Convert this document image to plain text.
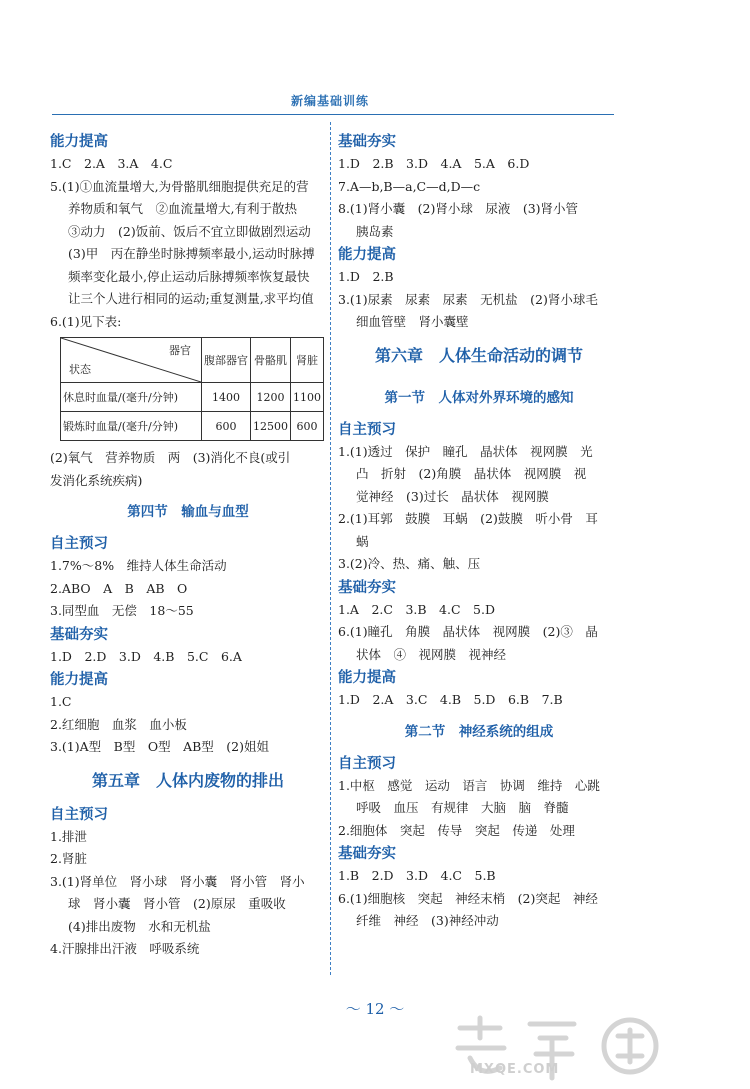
新编基础训练
能力提高
1.C　2.A　3.A　4.C
5.(1)①血流量增大,为骨骼肌细胞提供充足的营
养物质和氧气　②血流量增大,有利于散热
③动力　(2)饭前、饭后不宜立即做剧烈运动
(3)甲　丙在静坐时脉搏频率最小,运动时脉搏
频率变化最小,停止运动后脉搏频率恢复最快
让三个人进行相同的运动;重复测量,求平均值
6.(1)见下表:
器官
状态	腹部器官	骨骼肌	肾脏
休息时血量/(毫升/分钟)	1400	1200	1100
锻炼时血量/(毫升/分钟)	600	12500	600
(2)氧气　营养物质　两　(3)消化不良(或引
发消化系统疾病)
第四节　输血与血型
自主预习
1.7%～8%　维持人体生命活动
2.ABO　A　B　AB　O
3.同型血　无偿　18～55
基础夯实
1.D　2.D　3.D　4.B　5.C　6.A
能力提高
1.C
2.红细胞　血浆　血小板
3.(1)A型　B型　O型　AB型　(2)姐姐
第五章　人体内废物的排出
自主预习
1.排泄
2.肾脏
3.(1)肾单位　肾小球　肾小囊　肾小管　肾小
球　肾小囊　肾小管　(2)原尿　重吸收
(4)排出废物　水和无机盐
4.汗腺排出汗液　呼吸系统
基础夯实
1.D　2.B　3.D　4.A　5.A　6.D
7.A—b,B—a,C—d,D—c
8.(1)肾小囊　(2)肾小球　尿液　(3)肾小管
胰岛素
能力提高
1.D　2.B
3.(1)尿素　尿素　尿素　无机盐　(2)肾小球毛
细血管壁　肾小囊壁
第六章　人体生命活动的调节
第一节　人体对外界环境的感知
自主预习
1.(1)透过　保护　瞳孔　晶状体　视网膜　光
凸　折射　(2)角膜　晶状体　视网膜　视
觉神经　(3)过长　晶状体　视网膜
2.(1)耳郭　鼓膜　耳蜗　(2)鼓膜　听小骨　耳
蜗
3.(2)冷、热、痛、触、压
基础夯实
1.A　2.C　3.B　4.C　5.D
6.(1)瞳孔　角膜　晶状体　视网膜　(2)③　晶
状体　④　视网膜　视神经
能力提高
1.D　2.A　3.C　4.B　5.D　6.B　7.B
第二节　神经系统的组成
自主预习
1.中枢　感觉　运动　语言　协调　维持　心跳
呼吸　血压　有规律　大脑　脑　脊髓
2.细胞体　突起　传导　突起　传递　处理
基础夯实
1.B　2.D　3.D　4.C　5.B
6.(1)细胞核　突起　神经末梢　(2)突起　神经
纤维　神经　(3)神经冲动
～ 12 ～
MXQE.COM
